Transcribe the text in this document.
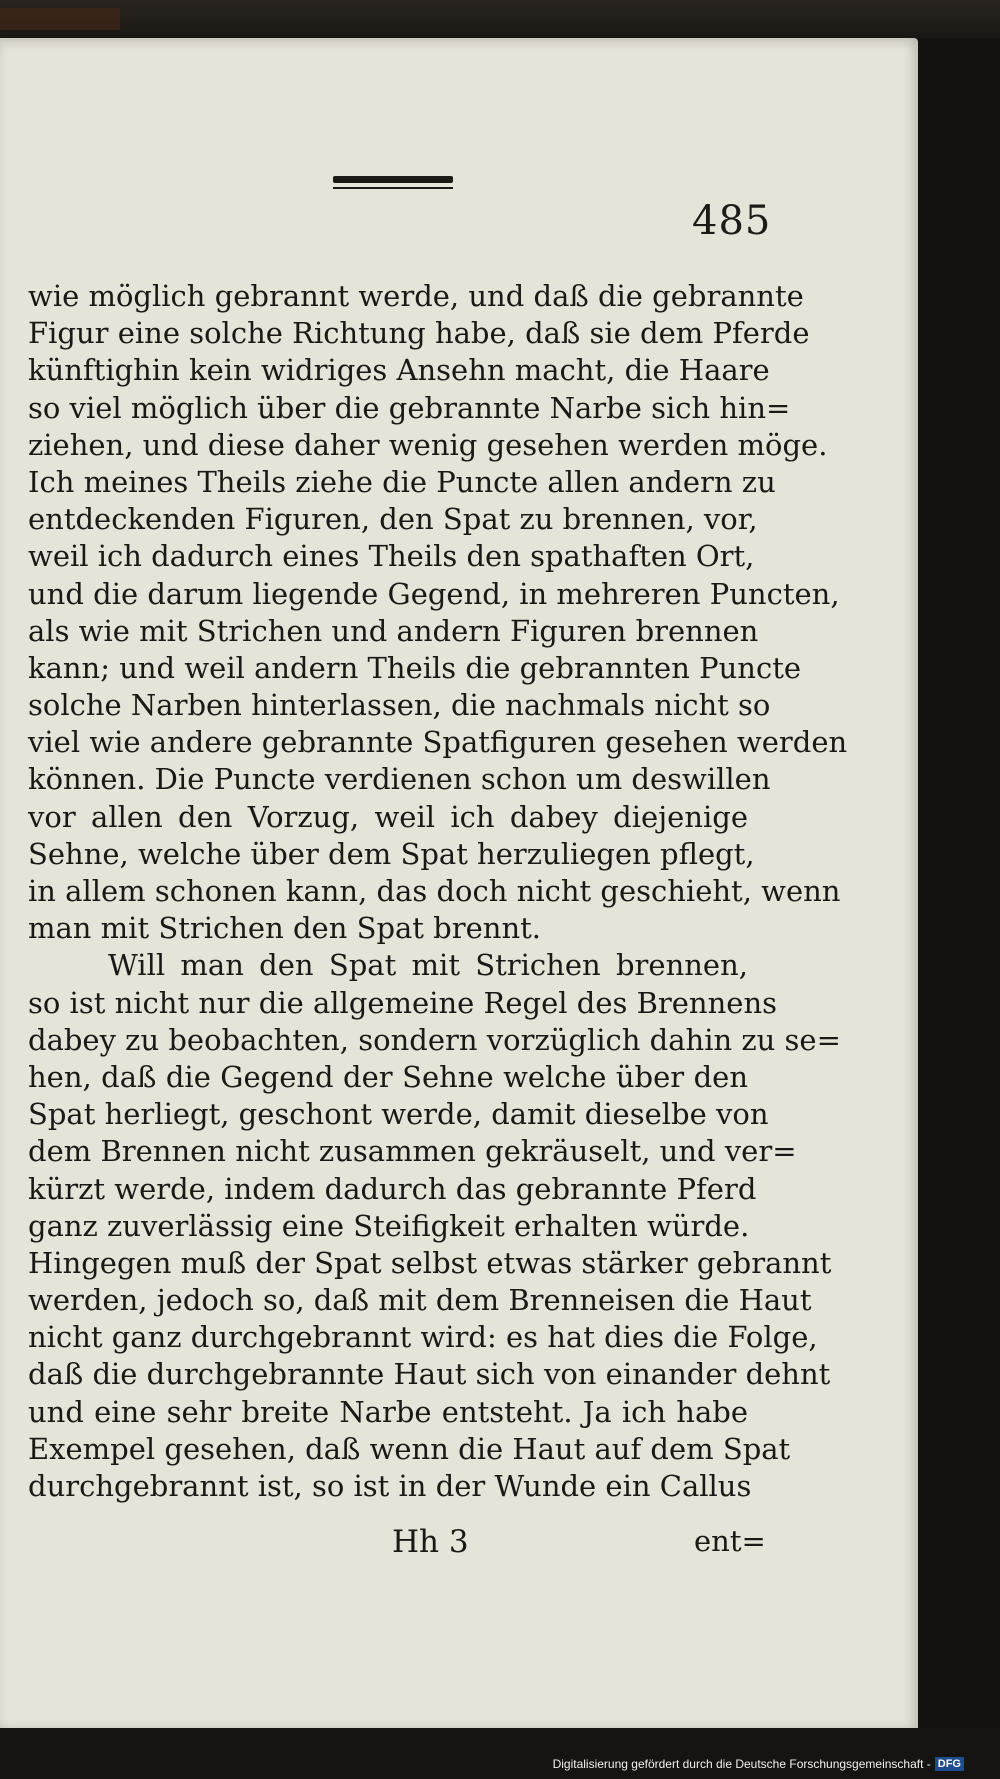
485
wie möglich gebrannt werde, und daß die gebrannte
Figur eine solche Richtung habe, daß sie dem Pferde
künftighin kein widriges Ansehn macht, die Haare
so viel möglich über die gebrannte Narbe sich hin=
ziehen, und diese daher wenig gesehen werden möge.
Ich meines Theils ziehe die Puncte allen andern zu
entdeckenden Figuren, den Spat zu brennen, vor,
weil ich dadurch eines Theils den spathaften Ort,
und die darum liegende Gegend, in mehreren Puncten,
als wie mit Strichen und andern Figuren brennen
kann; und weil andern Theils die gebrannten Puncte
solche Narben hinterlassen, die nachmals nicht so
viel wie andere gebrannte Spatfiguren gesehen werden
können. Die Puncte verdienen schon um deswillen
vor allen den Vorzug, weil ich dabey diejenige
Sehne, welche über dem Spat herzuliegen pflegt,
in allem schonen kann, das doch nicht geschieht, wenn
man mit Strichen den Spat brennt.
Will man den Spat mit Strichen brennen,
so ist nicht nur die allgemeine Regel des Brennens
dabey zu beobachten, sondern vorzüglich dahin zu se=
hen, daß die Gegend der Sehne welche über den
Spat herliegt, geschont werde, damit dieselbe von
dem Brennen nicht zusammen gekräuselt, und ver=
kürzt werde, indem dadurch das gebrannte Pferd
ganz zuverlässig eine Steifigkeit erhalten würde.
Hingegen muß der Spat selbst etwas stärker gebrannt
werden, jedoch so, daß mit dem Brenneisen die Haut
nicht ganz durchgebrannt wird: es hat dies die Folge,
daß die durchgebrannte Haut sich von einander dehnt
und eine sehr breite Narbe entsteht. Ja ich habe
Exempel gesehen, daß wenn die Haut auf dem Spat
durchgebrannt ist, so ist in der Wunde ein Callus
Hh 3	ent=
Digitalisierung gefördert durch die Deutsche Forschungsgemeinschaft - DFG
